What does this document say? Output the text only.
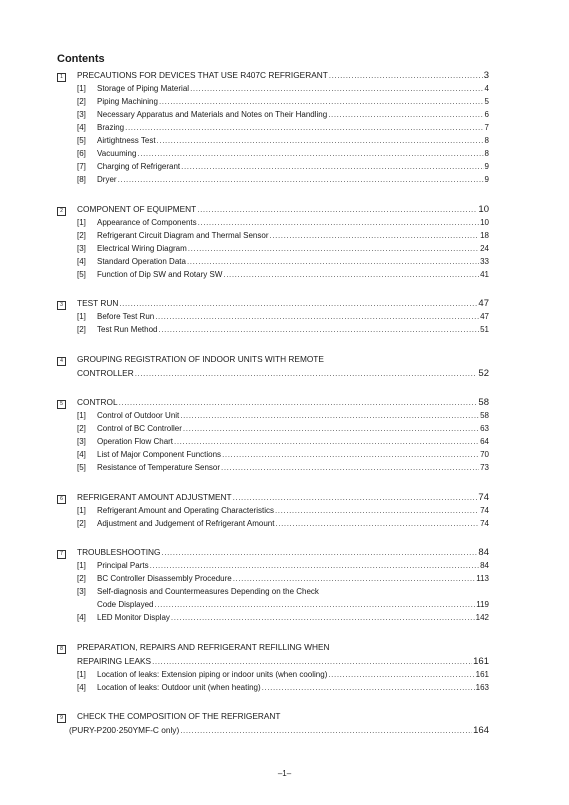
Contents
1	PRECAUTIONS FOR DEVICES THAT USE R407C REFRIGERANT .....	3
[1]	Storage of Piping Material .....	4
[2]	Piping Machining .....	5
[3]	Necessary Apparatus and Materials and Notes on Their Handling .....	6
[4]	Brazing .....	7
[5]	Airtightness Test .....	8
[6]	Vacuuming .....	8
[7]	Charging of Refrigerant .....	9
[8]	Dryer .....	9
2	COMPONENT OF EQUIPMENT .....	10
[1]	Appearance of Components .....	10
[2]	Refrigerant Circuit Diagram and Thermal Sensor .....	18
[3]	Electrical Wiring Diagram .....	24
[4]	Standard Operation Data .....	33
[5]	Function of Dip SW and Rotary SW .....	41
3	TEST RUN .....	47
[1]	Before Test Run .....	47
[2]	Test Run Method .....	51
4	GROUPING REGISTRATION OF INDOOR UNITS WITH REMOTE
CONTROLLER .....	52
5	CONTROL .....	58
[1]	Control of Outdoor Unit .....	58
[2]	Control of BC Controller .....	63
[3]	Operation Flow Chart .....	64
[4]	List of Major Component Functions .....	70
[5]	Resistance of Temperature Sensor .....	73
6	REFRIGERANT AMOUNT ADJUSTMENT .....	74
[1]	Refrigerant Amount and Operating Characteristics .....	74
[2]	Adjustment and Judgement of Refrigerant Amount .....	74
7	TROUBLESHOOTING .....	84
[1]	Principal Parts .....	84
[2]	BC Controller Disassembly Procedure .....	113
[3]	Self-diagnosis and Countermeasures Depending on the Check
Code Displayed .....	119
[4]	LED Monitor Display .....	142
8	PREPARATION, REPAIRS AND REFRIGERANT REFILLING WHEN
REPAIRING LEAKS .....	161
[1]	Location of leaks: Extension piping or indoor units (when cooling) .....	161
[4]	Location of leaks: Outdoor unit (when heating) .....	163
9	CHECK THE COMPOSITION OF THE REFRIGERANT
(PURY-P200·250YMF-C only) .....	164
–1–
